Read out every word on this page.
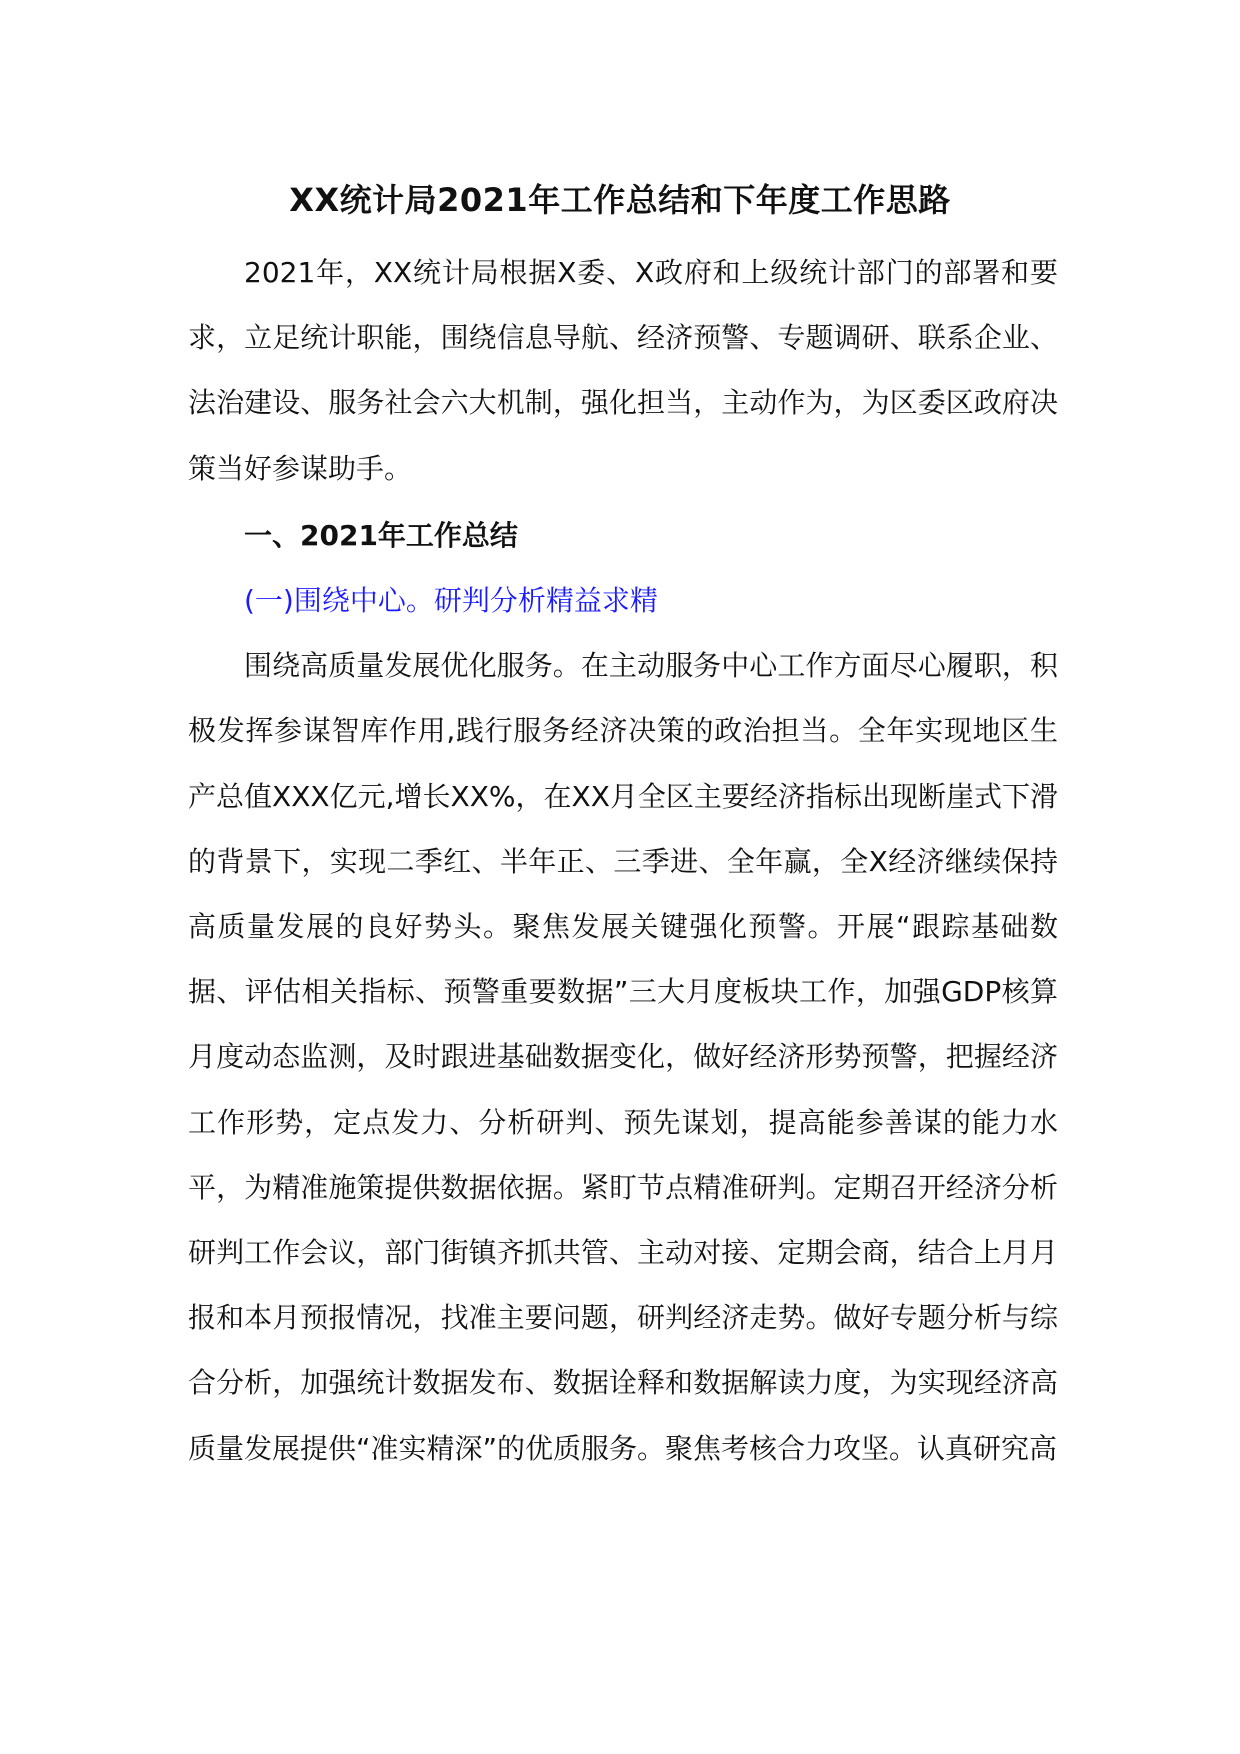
XX统计局2021年工作总结和下年度工作思路

2021年，XX统计局根据X委、X政府和上级统计部门的部署和要求，立足统计职能，围绕信息导航、经济预警、专题调研、联系企业、法治建设、服务社会六大机制，强化担当，主动作为，为区委区政府决策当好参谋助手。

一、2021年工作总结

(一)围绕中心。研判分析精益求精

围绕高质量发展优化服务。在主动服务中心工作方面尽心履职，积极发挥参谋智库作用,践行服务经济决策的政治担当。全年实现地区生产总值XXX亿元,增长XX%，在XX月全区主要经济指标出现断崖式下滑的背景下，实现二季红、半年正、三季进、全年赢，全X经济继续保持高质量发展的良好势头。聚焦发展关键强化预警。开展“跟踪基础数据、评估相关指标、预警重要数据”三大月度板块工作，加强GDP核算月度动态监测，及时跟进基础数据变化，做好经济形势预警，把握经济工作形势，定点发力、分析研判、预先谋划，提高能参善谋的能力水平，为精准施策提供数据依据。紧盯节点精准研判。定期召开经济分析研判工作会议，部门街镇齐抓共管、主动对接、定期会商，结合上月月报和本月预报情况，找准主要问题，研判经济走势。做好专题分析与综合分析，加强统计数据发布、数据诠释和数据解读力度，为实现经济高质量发展提供“准实精深”的优质服务。聚焦考核合力攻坚。认真研究高
